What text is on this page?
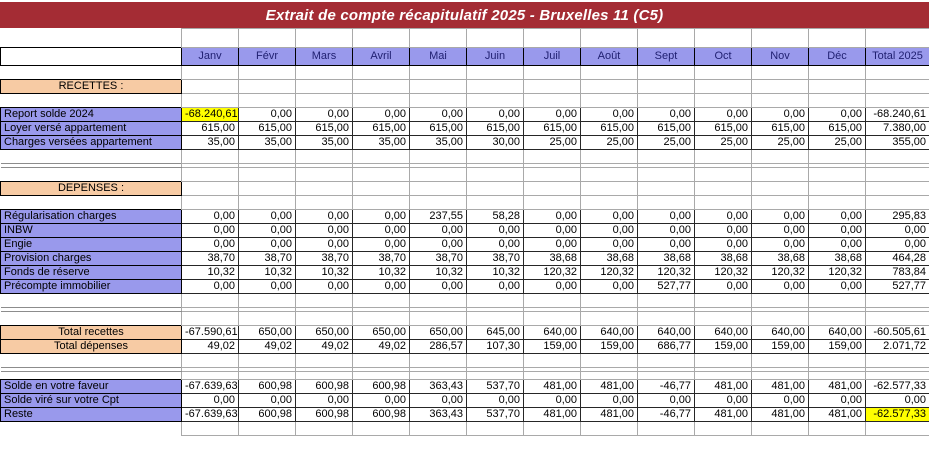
Extrait de compte récapitulatif 2025 - Bruxelles 11 (C5)

	Janv	Févr	Mars	Avril	Mai	Juin	Juil	Août	Sept	Oct	Nov	Déc	Total 2025

RECETTES :													

Report solde 2024	-68.240,61	0,00	0,00	0,00	0,00	0,00	0,00	0,00	0,00	0,00	0,00	0,00	-68.240,61
Loyer versé appartement	615,00	615,00	615,00	615,00	615,00	615,00	615,00	615,00	615,00	615,00	615,00	615,00	7.380,00
Charges versées appartement	35,00	35,00	35,00	35,00	35,00	30,00	25,00	25,00	25,00	25,00	25,00	25,00	355,00

DEPENSES :													

Régularisation charges	0,00	0,00	0,00	0,00	237,55	58,28	0,00	0,00	0,00	0,00	0,00	0,00	295,83
INBW	0,00	0,00	0,00	0,00	0,00	0,00	0,00	0,00	0,00	0,00	0,00	0,00	0,00
Engie	0,00	0,00	0,00	0,00	0,00	0,00	0,00	0,00	0,00	0,00	0,00	0,00	0,00
Provision charges	38,70	38,70	38,70	38,70	38,70	38,70	38,68	38,68	38,68	38,68	38,68	38,68	464,28
Fonds de réserve	10,32	10,32	10,32	10,32	10,32	10,32	120,32	120,32	120,32	120,32	120,32	120,32	783,84
Précompte immobilier	0,00	0,00	0,00	0,00	0,00	0,00	0,00	0,00	527,77	0,00	0,00	0,00	527,77

Total recettes	-67.590,61	650,00	650,00	650,00	650,00	645,00	640,00	640,00	640,00	640,00	640,00	640,00	-60.505,61
Total dépenses	49,02	49,02	49,02	49,02	286,57	107,30	159,00	159,00	686,77	159,00	159,00	159,00	2.071,72

Solde en votre faveur	-67.639,63	600,98	600,98	600,98	363,43	537,70	481,00	481,00	-46,77	481,00	481,00	481,00	-62.577,33
Solde viré sur votre Cpt	0,00	0,00	0,00	0,00	0,00	0,00	0,00	0,00	0,00	0,00	0,00	0,00	0,00
Reste	-67.639,63	600,98	600,98	600,98	363,43	537,70	481,00	481,00	-46,77	481,00	481,00	481,00	-62.577,33
